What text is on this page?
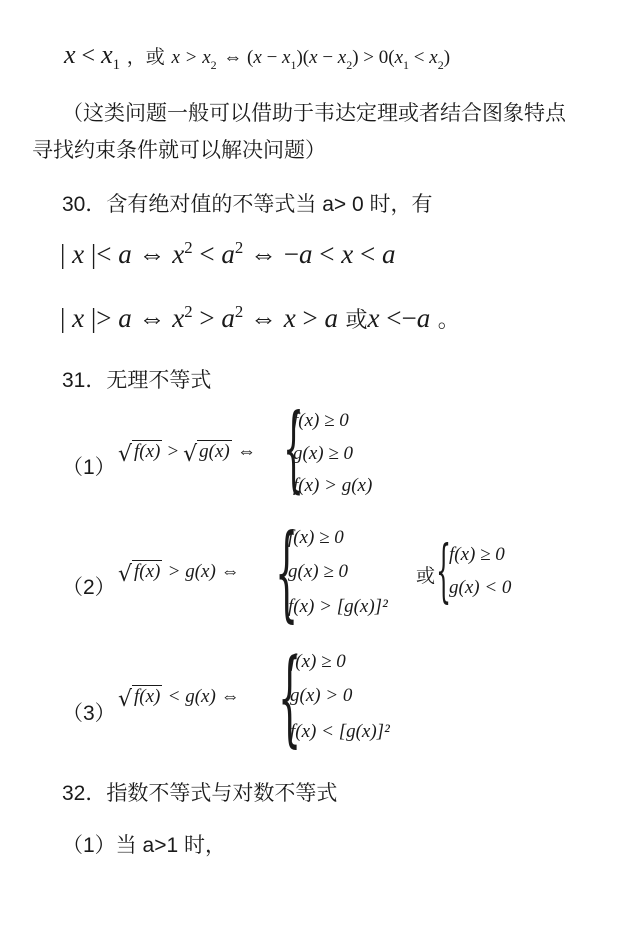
$x < x_1$ ，或 $x > x_2$ ⇔ $(x - x_1)(x - x_2) > 0(x_1 < x_2)$
（这类问题一般可以借助于韦达定理或者结合图象特点
寻找约束条件就可以解决问题）
30．含有绝对值的不等式当 a> 0 时，有
| x |< a ⇔ $x^2 < a^2$ ⇔ −a < x < a
| x |> a ⇔ $x^2 > a^2$ ⇔ x > a 或x <−a 。
31．无理不等式
（1）
√ f(x) > √ g(x) ⇔ {
f(x) ≥ 0
g(x) ≥ 0
f(x) > g(x)
（2）
√ f(x) > g(x) ⇔ {
f(x) ≥ 0
g(x) ≥ 0
f(x) > [g(x)]²
或 {
f(x) ≥ 0
g(x) < 0
（3）
√ f(x) < g(x) ⇔ {
f(x) ≥ 0
g(x) > 0
f(x) < [g(x)]²
32．指数不等式与对数不等式
（1）当 a>1 时，
